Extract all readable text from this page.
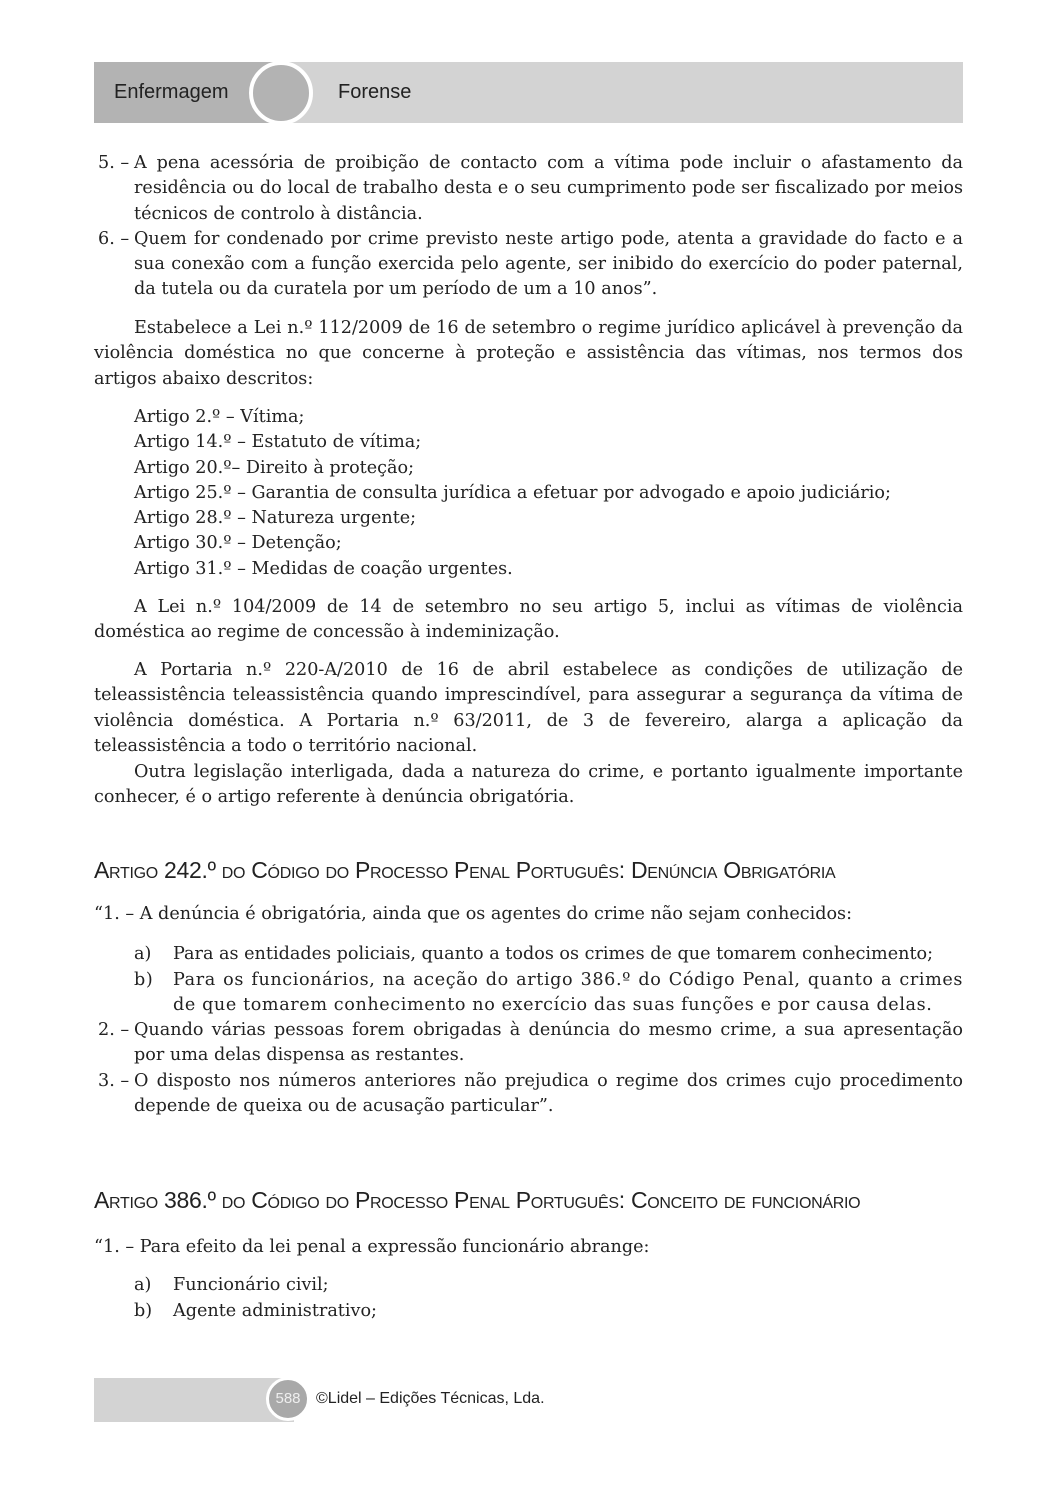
Enfermagem	Forense
5. – A pena acessória de proibição de contacto com a vítima pode incluir o afastamento da residência ou do local de trabalho desta e o seu cumprimento pode ser fiscalizado por meios técnicos de controlo à distância.
6. – Quem for condenado por crime previsto neste artigo pode, atenta a gravidade do facto e a sua conexão com a função exercida pelo agente, ser inibido do exercício do poder paternal, da tutela ou da curatela por um período de um a 10 anos”.
Estabelece a Lei n.º 112/2009 de 16 de setembro o regime jurídico aplicável à prevenção da violência doméstica no que concerne à proteção e assistência das vítimas, nos termos dos artigos abaixo descritos:
Artigo 2.º – Vítima;
Artigo 14.º – Estatuto de vítima;
Artigo 20.º– Direito à proteção;
Artigo 25.º – Garantia de consulta jurídica a efetuar por advogado e apoio judiciário;
Artigo 28.º – Natureza urgente;
Artigo 30.º – Detenção;
Artigo 31.º – Medidas de coação urgentes.
A Lei n.º 104/2009 de 14 de setembro no seu artigo 5, inclui as vítimas de violência doméstica ao regime de concessão à indeminização.
A Portaria n.º 220-A/2010 de 16 de abril estabelece as condições de utilização de teleassistência teleassistência quando imprescindível, para assegurar a segurança da vítima de violência doméstica. A Portaria n.º 63/2011, de 3 de fevereiro, alarga a aplicação da teleassistência a todo o território nacional.
Outra legislação interligada, dada a natureza do crime, e portanto igualmente importante conhecer, é o artigo referente à denúncia obrigatória.
Artigo 242.º do Código do Processo Penal Português: Denúncia Obrigatória
“1. – A denúncia é obrigatória, ainda que os agentes do crime não sejam conhecidos:
a) Para as entidades policiais, quanto a todos os crimes de que tomarem conhecimento;
b) Para os funcionários, na aceção do artigo 386.º do Código Penal, quanto a crimes de que tomarem conhecimento no exercício das suas funções e por causa delas.
2. – Quando várias pessoas forem obrigadas à denúncia do mesmo crime, a sua apresentação por uma delas dispensa as restantes.
3. – O disposto nos números anteriores não prejudica o regime dos crimes cujo procedimento depende de queixa ou de acusação particular”.
Artigo 386.º do Código do Processo Penal Português: Conceito de funcionário
“1. – Para efeito da lei penal a expressão funcionário abrange:
a) Funcionário civil;
b) Agente administrativo;
588 ©Lidel – Edições Técnicas, Lda.
